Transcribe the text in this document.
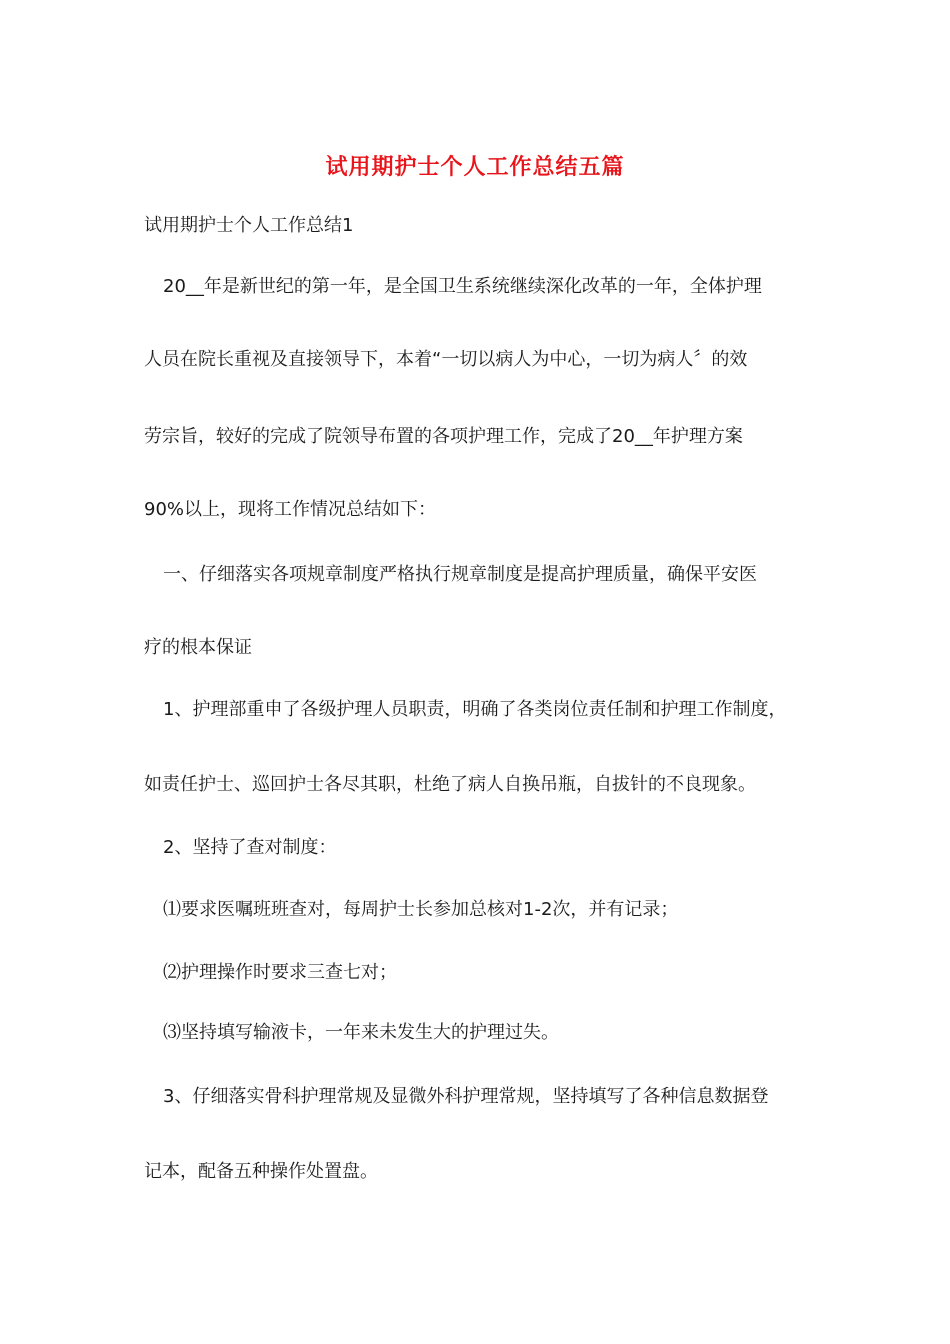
试用期护士个人工作总结五篇
试用期护士个人工作总结1
20__年是新世纪的第一年，是全国卫生系统继续深化改革的一年，全体护理
人员在院长重视及直接领导下，本着“一切以病人为中心，一切为病人〞的效
劳宗旨，较好的完成了院领导布置的各项护理工作，完成了20__年护理方案
90%以上，现将工作情况总结如下：
一、仔细落实各项规章制度严格执行规章制度是提高护理质量，确保平安医
疗的根本保证
1、护理部重申了各级护理人员职责，明确了各类岗位责任制和护理工作制度，
如责任护士、巡回护士各尽其职，杜绝了病人自换吊瓶，自拔针的不良现象。
2、坚持了查对制度：
⑴要求医嘱班班查对，每周护士长参加总核对1-2次，并有记录；
⑵护理操作时要求三查七对；
⑶坚持填写输液卡，一年来未发生大的护理过失。
3、仔细落实骨科护理常规及显微外科护理常规，坚持填写了各种信息数据登
记本，配备五种操作处置盘。
